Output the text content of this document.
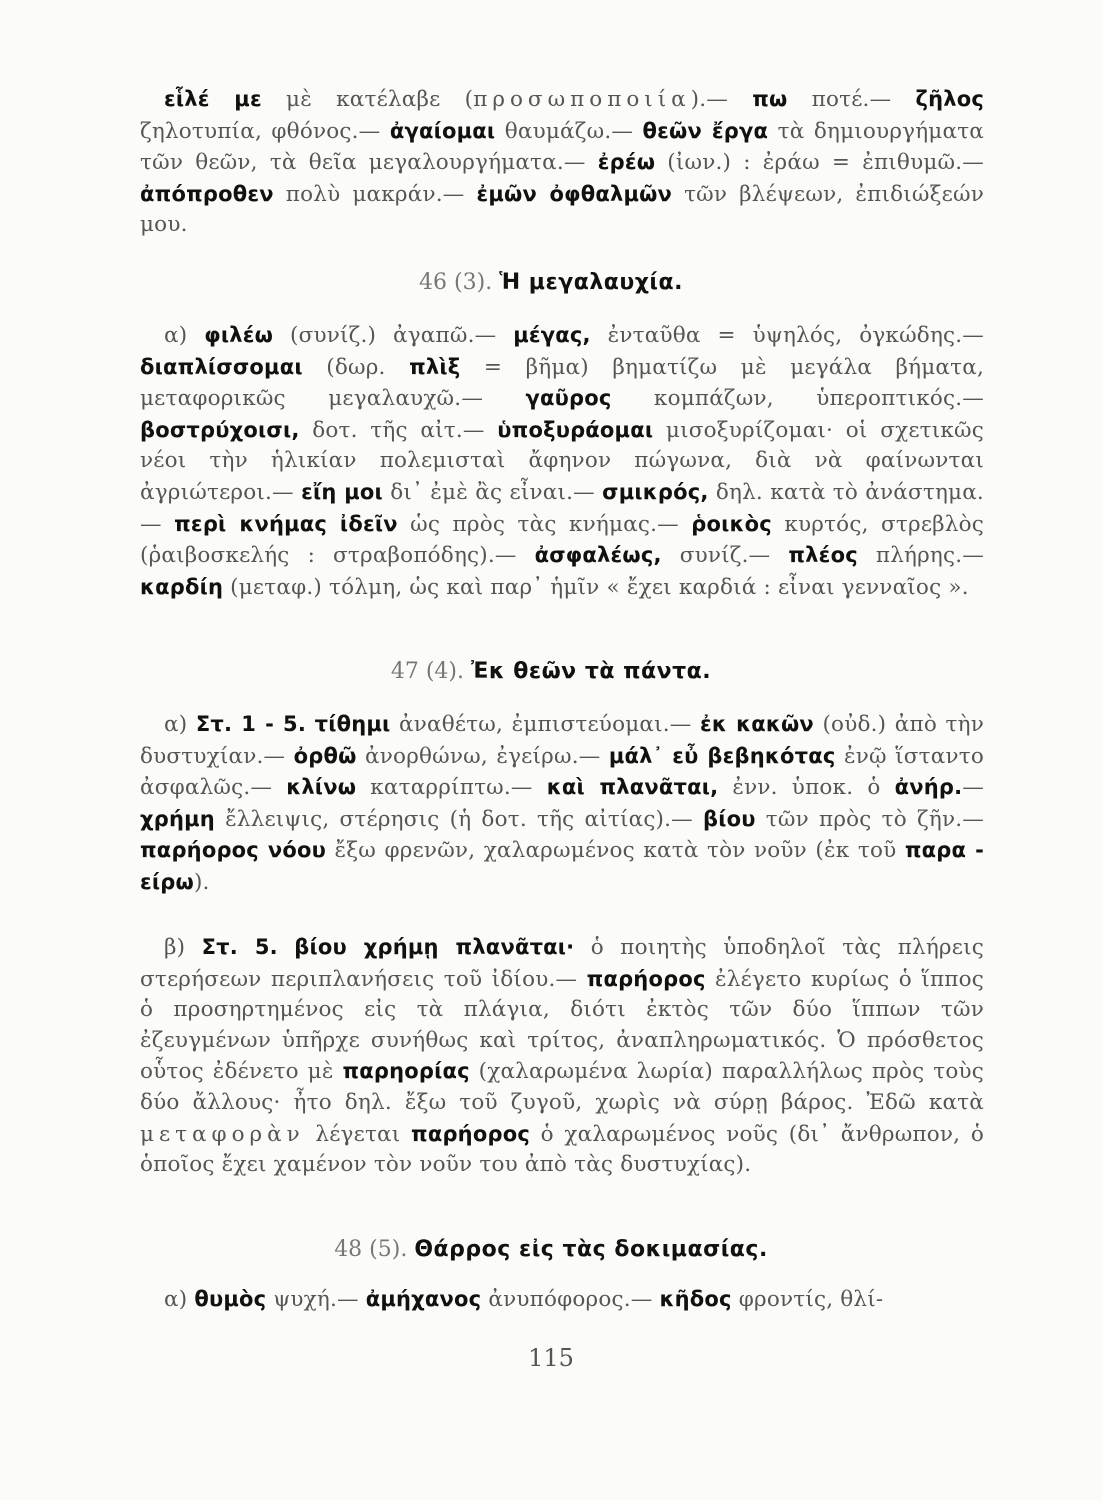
εἷλέ με μὲ κατέλαβε (προσωποποιία).— πω ποτέ.— ζῆλος ζηλοτυπία, φθόνος.— ἀγαίομαι θαυμάζω.— θεῶν ἔργα τὰ δημιουργήματα τῶν θεῶν, τὰ θεῖα μεγαλουργήματα.— ἐρέω (ἰων.) : ἐράω = ἐπιθυμῶ.— ἀπόπροθεν πολὺ μακράν.— ἐμῶν ὀφθαλμῶν τῶν βλέψεων, ἐπιδιώξεών μου.
46 (3). Ἡ μεγαλαυχία.
α) φιλέω (συνίζ.) ἀγαπῶ.— μέγας, ἐνταῦθα = ὑψηλός, ὀγκώδης.— διαπλίσσομαι (δωρ. πλὶξ = βῆμα) βηματίζω μὲ μεγάλα βήματα, μεταφορικῶς μεγαλαυχῶ.— γαῦρος κομπάζων, ὑπεροπτικός.— βοστρύχοισι, δοτ. τῆς αἰτ.— ὑποξυράομαι μισοξυρίζομαι· οἱ σχετικῶς νέοι τὴν ἡλικίαν πολεμισταὶ ἄφηνον πώγωνα, διὰ νὰ φαίνωνται ἀγριώτεροι.— εἴη μοι δι᾽ ἐμὲ ἂς εἶναι.— σμικρός, δηλ. κατὰ τὸ ἀνάστημα.— περὶ κνήμας ἰδεῖν ὡς πρὸς τὰς κνήμας.— ῥοικὸς κυρτός, στρεβλὸς (ῥαιβοσκελής : στραβοπόδης).— ἀσφαλέως, συνίζ.— πλέος πλήρης.— καρδίη (μεταφ.) τόλμη, ὡς καὶ παρ᾽ ἡμῖν « ἔχει καρδιά : εἶναι γενναῖος ».
47 (4). Ἐκ θεῶν τὰ πάντα.
α) Στ. 1 - 5. τίθημι ἀναθέτω, ἐμπιστεύομαι.— ἐκ κακῶν (οὐδ.) ἀπὸ τὴν δυστυχίαν.— ὀρθῶ ἀνορθώνω, ἐγείρω.— μάλ᾽ εὖ βεβηκότας ἐνῷ ἵσταντο ἀσφαλῶς.— κλίνω καταρρίπτω.— καὶ πλανᾶται, ἐνν. ὑποκ. ὁ ἀνήρ.— χρήμη ἔλλειψις, στέρησις (ἡ δοτ. τῆς αἰτίας).— βίου τῶν πρὸς τὸ ζῆν.— παρήορος νόου ἔξω φρενῶν, χαλαρωμένος κατὰ τὸν νοῦν (ἐκ τοῦ παρα - είρω).
β) Στ. 5. βίου χρήμῃ πλανᾶται· ὁ ποιητὴς ὑποδηλοῖ τὰς πλήρεις στερήσεων περιπλανήσεις τοῦ ἰδίου.— παρήορος ἐλέγετο κυρίως ὁ ἵππος ὁ προσηρτημένος εἰς τὰ πλάγια, διότι ἐκτὸς τῶν δύο ἵππων τῶν ἐζευγμένων ὑπῆρχε συνήθως καὶ τρίτος, ἀναπληρωματικός. Ὁ πρόσθετος οὗτος ἐδένετο μὲ παρηορίας (χαλαρωμένα λωρία) παραλλήλως πρὸς τοὺς δύο ἄλλους· ἦτο δηλ. ἔξω τοῦ ζυγοῦ, χωρὶς νὰ σύρῃ βάρος. Ἐδῶ κατὰ μεταφορὰν λέγεται παρήορος ὁ χαλαρωμένος νοῦς (δι᾽ ἄνθρωπον, ὁ ὁποῖος ἔχει χαμένον τὸν νοῦν του ἀπὸ τὰς δυστυχίας).
48 (5). Θάρρος εἰς τὰς δοκιμασίας.
α) θυμὸς ψυχή.— ἀμήχανος ἀνυπόφορος.— κῆδος φροντίς, θλί-
115
